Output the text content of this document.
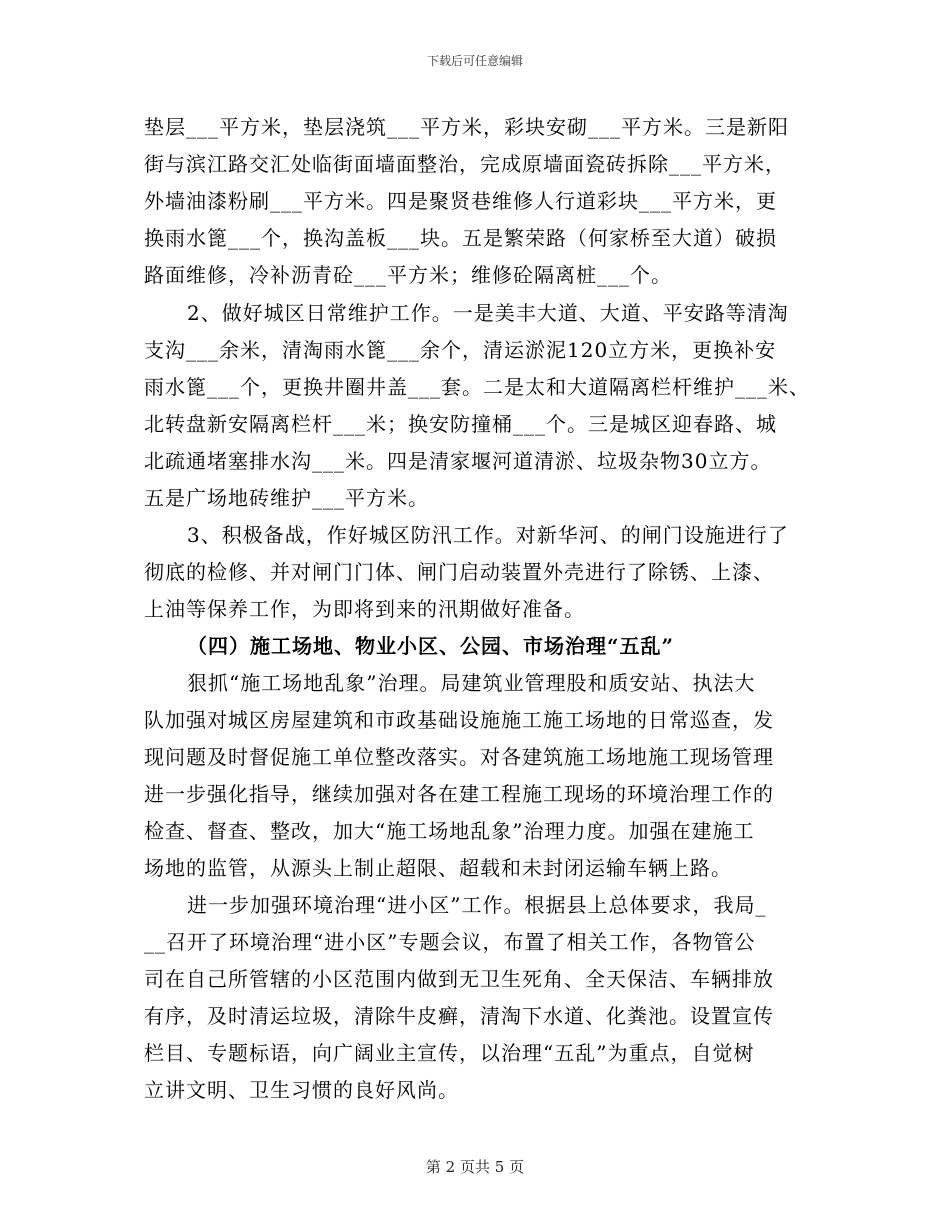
下载后可任意编辑
垫层___平方米，垫层浇筑___平方米，彩块安砌___平方米。三是新阳
街与滨江路交汇处临街面墙面整治，完成原墙面瓷砖拆除___平方米，
外墙油漆粉刷___平方米。四是聚贤巷维修人行道彩块___平方米，更
换雨水篦___个，换沟盖板___块。五是繁荣路（何家桥至大道）破损
路面维修，冷补沥青砼___平方米；维修砼隔离桩___个。
2、做好城区日常维护工作。一是美丰大道、大道、平安路等清淘
支沟___余米，清淘雨水篦___余个，清运淤泥120立方米，更换补安
雨水篦___个，更换井圈井盖___套。二是太和大道隔离栏杆维护___米、
北转盘新安隔离栏杆___米；换安防撞桶___个。三是城区迎春路、城
北疏通堵塞排水沟___米。四是清家堰河道清淤、垃圾杂物30立方。
五是广场地砖维护___平方米。
3、积极备战，作好城区防汛工作。对新华河、的闸门设施进行了
彻底的检修、并对闸门门体、闸门启动装置外壳进行了除锈、上漆、
上油等保养工作，为即将到来的汛期做好准备。
（四）施工场地、物业小区、公园、市场治理“五乱”
狠抓“施工场地乱象”治理。局建筑业管理股和质安站、执法大
队加强对城区房屋建筑和市政基础设施施工施工场地的日常巡查，发
现问题及时督促施工单位整改落实。对各建筑施工场地施工现场管理
进一步强化指导，继续加强对各在建工程施工现场的环境治理工作的
检查、督查、整改，加大“施工场地乱象”治理力度。加强在建施工
场地的监管，从源头上制止超限、超载和未封闭运输车辆上路。
进一步加强环境治理“进小区”工作。根据县上总体要求，我局_
__召开了环境治理“进小区”专题会议，布置了相关工作，各物管公
司在自己所管辖的小区范围内做到无卫生死角、全天保洁、车辆排放
有序，及时清运垃圾，清除牛皮癣，清淘下水道、化粪池。设置宣传
栏目、专题标语，向广阔业主宣传，以治理“五乱”为重点，自觉树
立讲文明、卫生习惯的良好风尚。
第 2 页共 5 页
